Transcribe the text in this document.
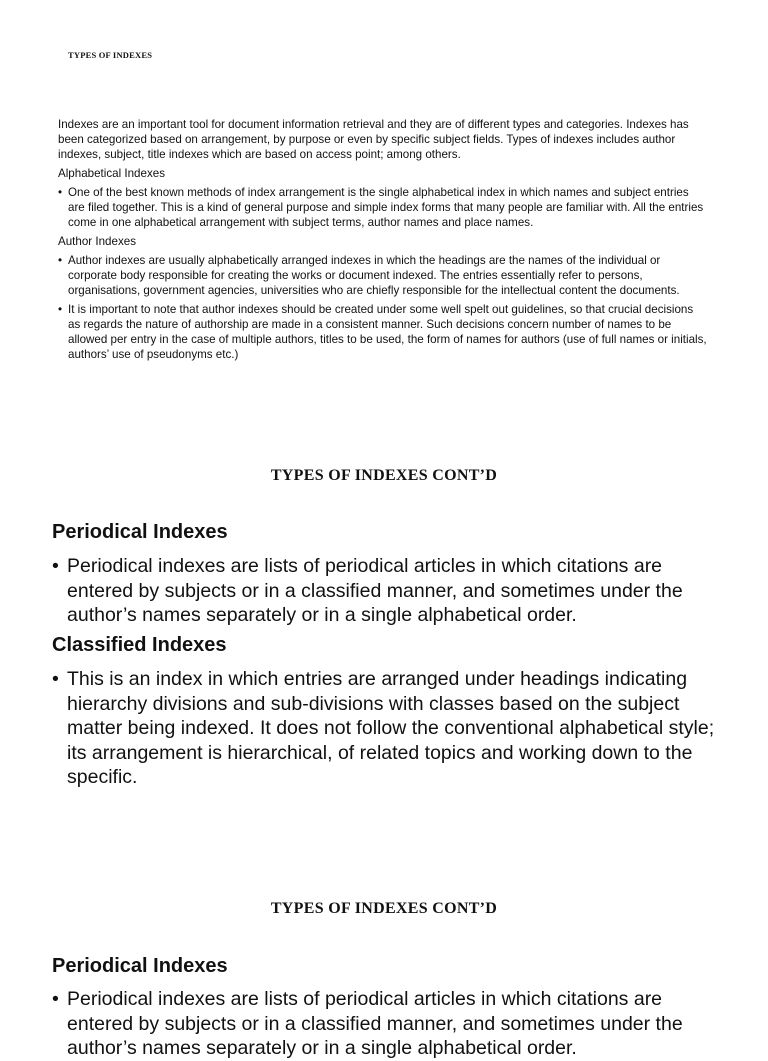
TYPES OF INDEXES

Indexes are an important tool for document information retrieval and they are of different types and categories. Indexes has been categorized based on arrangement, by purpose or even by specific subject fields. Types of indexes includes author indexes, subject, title indexes which are based on access point; among others.

Alphabetical Indexes
• One of the best known methods of index arrangement is the single alphabetical index in which names and subject entries are filed together. This is a kind of general purpose and simple index forms that many people are familiar with. All the entries come in one alphabetical arrangement with subject terms, author names and place names.
Author Indexes
• Author indexes are usually alphabetically arranged indexes in which the headings are the names of the individual or corporate body responsible for creating the works or document indexed. The entries essentially refer to persons, organisations, government agencies, universities who are chiefly responsible for the intellectual content the documents.
• It is important to note that author indexes should be created under some well spelt out guidelines, so that crucial decisions as regards the nature of authorship are made in a consistent manner. Such decisions concern number of names to be allowed per entry in the case of multiple authors, titles to be used, the form of names for authors (use of full names or initials, authors’ use of pseudonyms etc.)
TYPES OF INDEXES CONT’D
Periodical Indexes
• Periodical indexes are lists of periodical articles in which citations are entered by subjects or in a classified manner, and sometimes under the author’s names separately or in a single alphabetical order.
Classified Indexes
• This is an index in which entries are arranged under headings indicating hierarchy divisions and sub-divisions with classes based on the subject matter being indexed. It does not follow the conventional alphabetical style; its arrangement is hierarchical, of related topics and working down to the specific.
TYPES OF INDEXES CONT’D
Periodical Indexes
• Periodical indexes are lists of periodical articles in which citations are entered by subjects or in a classified manner, and sometimes under the author’s names separately or in a single alphabetical order.
